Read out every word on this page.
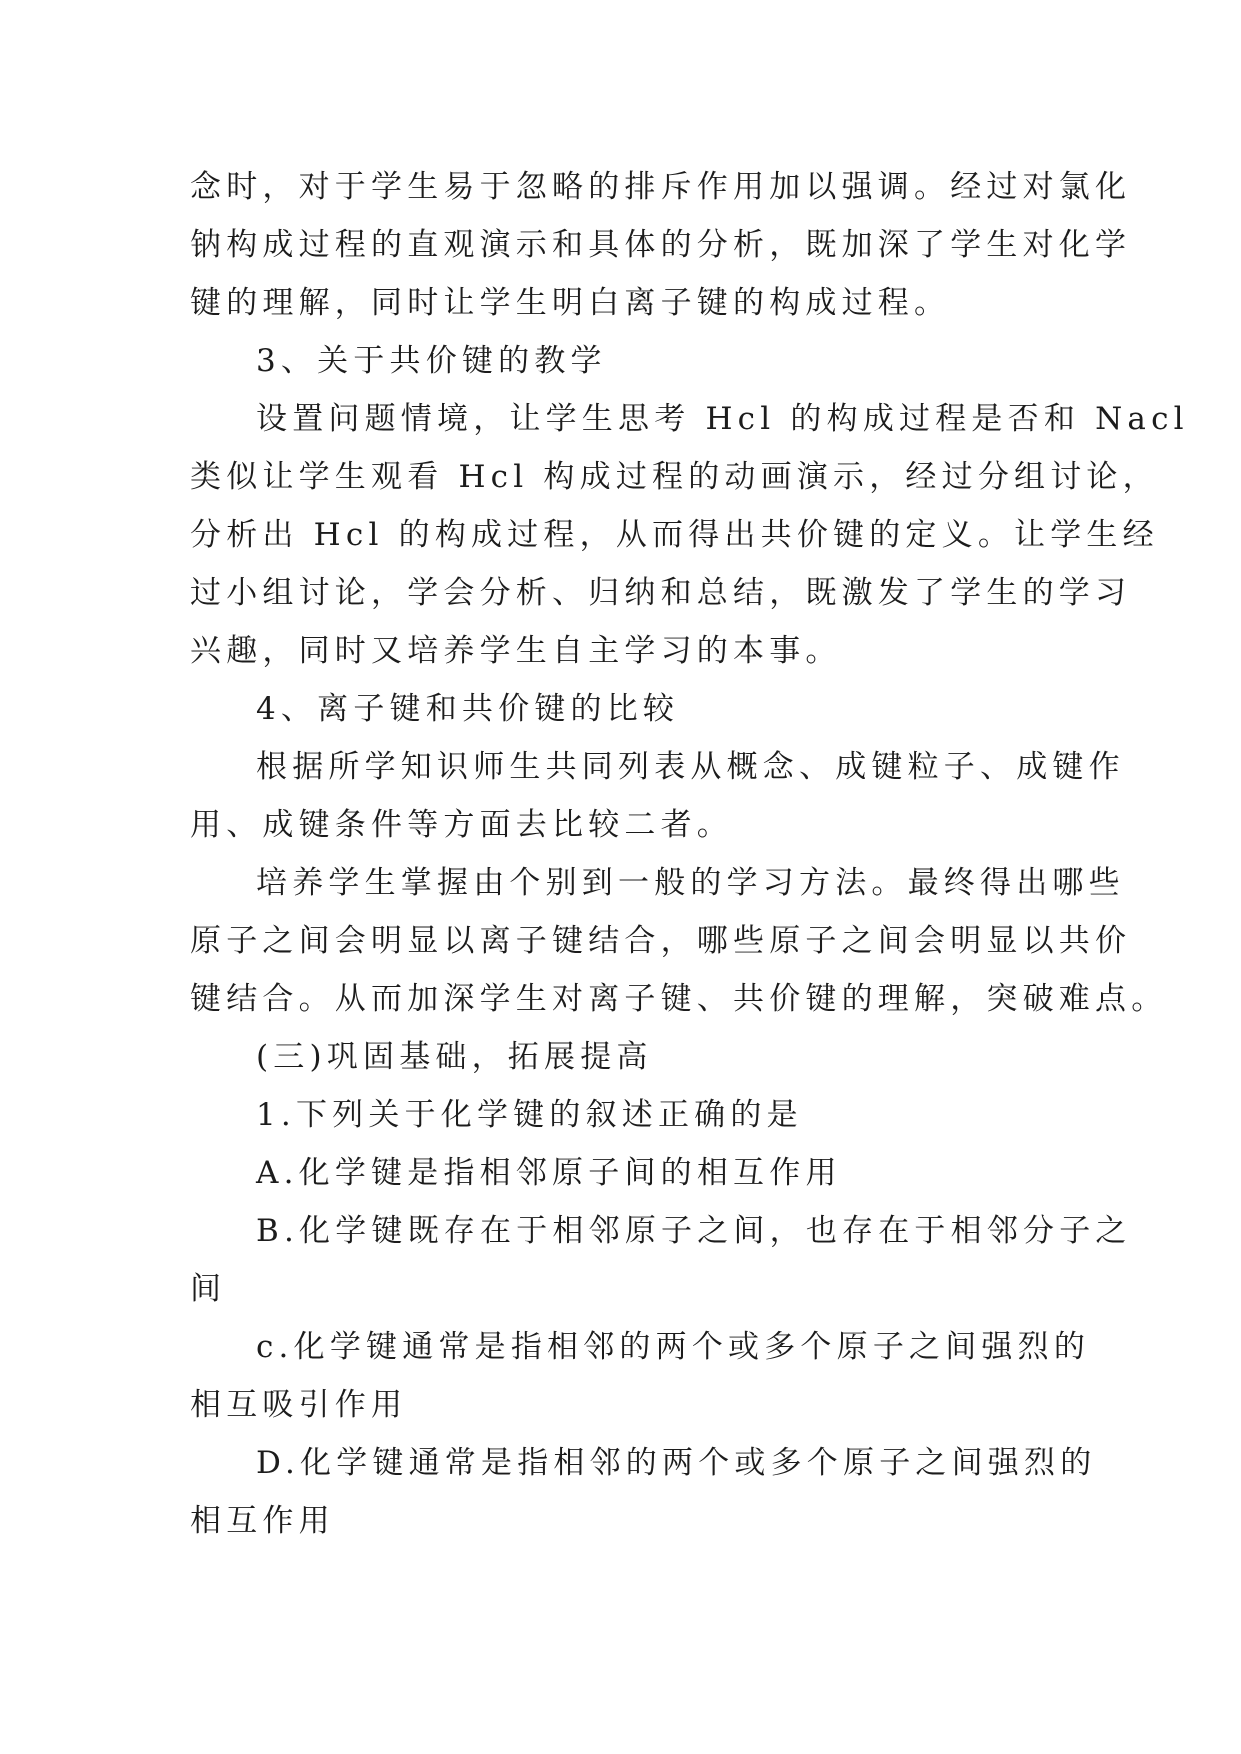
念时，对于学生易于忽略的排斥作用加以强调。经过对氯化
钠构成过程的直观演示和具体的分析，既加深了学生对化学
键的理解，同时让学生明白离子键的构成过程。
3、关于共价键的教学
设置问题情境，让学生思考 Hcl 的构成过程是否和 Nacl
类似让学生观看 Hcl 构成过程的动画演示，经过分组讨论，
分析出 Hcl 的构成过程，从而得出共价键的定义。让学生经
过小组讨论，学会分析、归纳和总结，既激发了学生的学习
兴趣，同时又培养学生自主学习的本事。
4、离子键和共价键的比较
根据所学知识师生共同列表从概念、成键粒子、成键作
用、成键条件等方面去比较二者。
培养学生掌握由个别到一般的学习方法。最终得出哪些
原子之间会明显以离子键结合，哪些原子之间会明显以共价
键结合。从而加深学生对离子键、共价键的理解，突破难点。
(三)巩固基础，拓展提高
1.下列关于化学键的叙述正确的是
A.化学键是指相邻原子间的相互作用
B.化学键既存在于相邻原子之间，也存在于相邻分子之
间
c.化学键通常是指相邻的两个或多个原子之间强烈的
相互吸引作用
D.化学键通常是指相邻的两个或多个原子之间强烈的
相互作用
